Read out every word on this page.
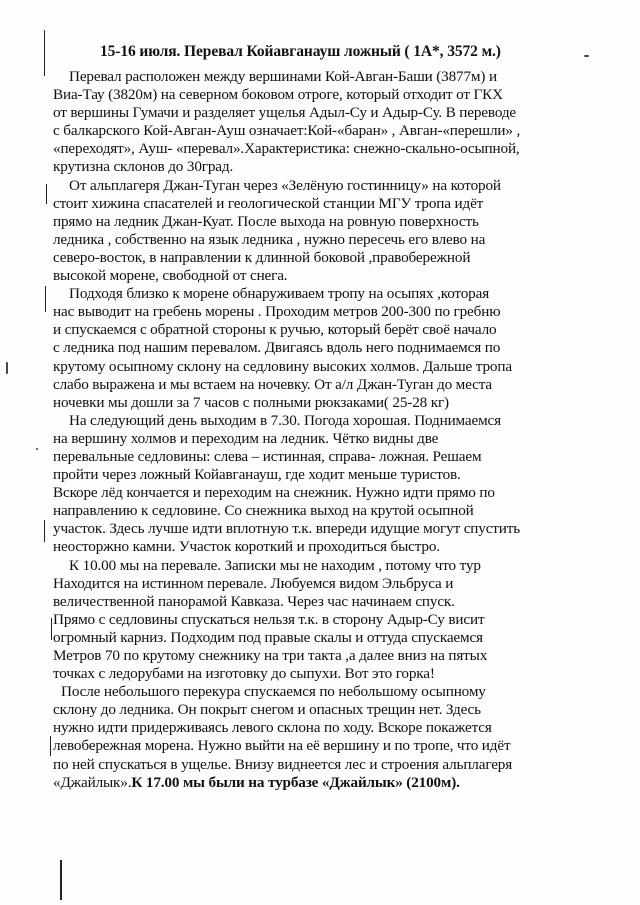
15-16 июля. Перевал Койавганауш ложный ( 1А*, 3572 м.)
Перевал расположен между вершинами Кой-Авган-Баши (3877м) и
Виа-Тау (3820м) на северном боковом отроге, который отходит от ГКХ
от вершины Гумачи и разделяет ущелья Адыл-Су и Адыр-Су. В переводе
с балкарского Кой-Авган-Ауш означает:Кой-«баран» , Авган-«перешли» ,
«переходят», Ауш- «перевал».Характеристика: снежно-скально-осыпной,
крутизна склонов до 30град.
От альплагеря Джан-Туган через «Зелёную гостинницу» на которой
стоит хижина спасателей и геологической станции МГУ тропа идёт
прямо на ледник Джан-Куат. После выхода на ровную поверхность
ледника , собственно на язык ледника , нужно пересечь его влево на
северо-восток, в направлении к длинной боковой ,правобережной
высокой морене, свободной от снега.
Подходя близко к морене обнаруживаем тропу на осыпях ,которая
нас выводит на гребень морены . Проходим метров 200-300 по гребню
и спускаемся с обратной стороны к ручью, который берёт своё начало
с ледника под нашим перевалом. Двигаясь вдоль него поднимаемся по
крутому осыпному склону на седловину высоких холмов. Дальше тропа
слабо выражена и мы встаем на ночевку. От а/л Джан-Туган до места
ночевки мы дошли за 7 часов с полными рюкзаками( 25-28 кг)
На следующий день выходим в 7.30. Погода хорошая. Поднимаемся
на вершину холмов и переходим на ледник. Чётко видны две
перевальные седловины: слева – истинная, справа- ложная. Решаем
пройти через ложный Койавганауш, где ходит меньше туристов.
Вскоре лёд кончается и переходим на снежник. Нужно идти прямо по
направлению к седловине. Со снежника выход на крутой осыпной
участок. Здесь лучше идти вплотную т.к. впереди идущие могут спустить
неосторжно камни. Участок короткий и проходиться быстро.
К 10.00 мы на перевале. Записки мы не находим , потому что тур
Находится на истинном перевале. Любуемся видом Эльбруса и
величественной панорамой Кавказа. Через час начинаем спуск.
Прямо с седловины спускаться нельзя т.к. в сторону Адыр-Су висит
огромный карниз. Подходим под правые скалы и оттуда спускаемся
Метров 70 по крутому снежнику на три такта ,а далее вниз на пятых
точках с ледорубами на изготовку до сыпухи. Вот это горка!
После небольшого перекура спускаемся по небольшому осыпному
склону до ледника. Он покрыт снегом и опасных трещин нет. Здесь
нужно идти придерживаясь левого склона по ходу. Вскоре покажется
левобережная морена. Нужно выйти на её вершину и по тропе, что идёт
по ней спускаться в ущелье. Внизу виднеется лес и строения альплагеря
«Джайлык».К 17.00 мы были на турбазе «Джайлык» (2100м).
